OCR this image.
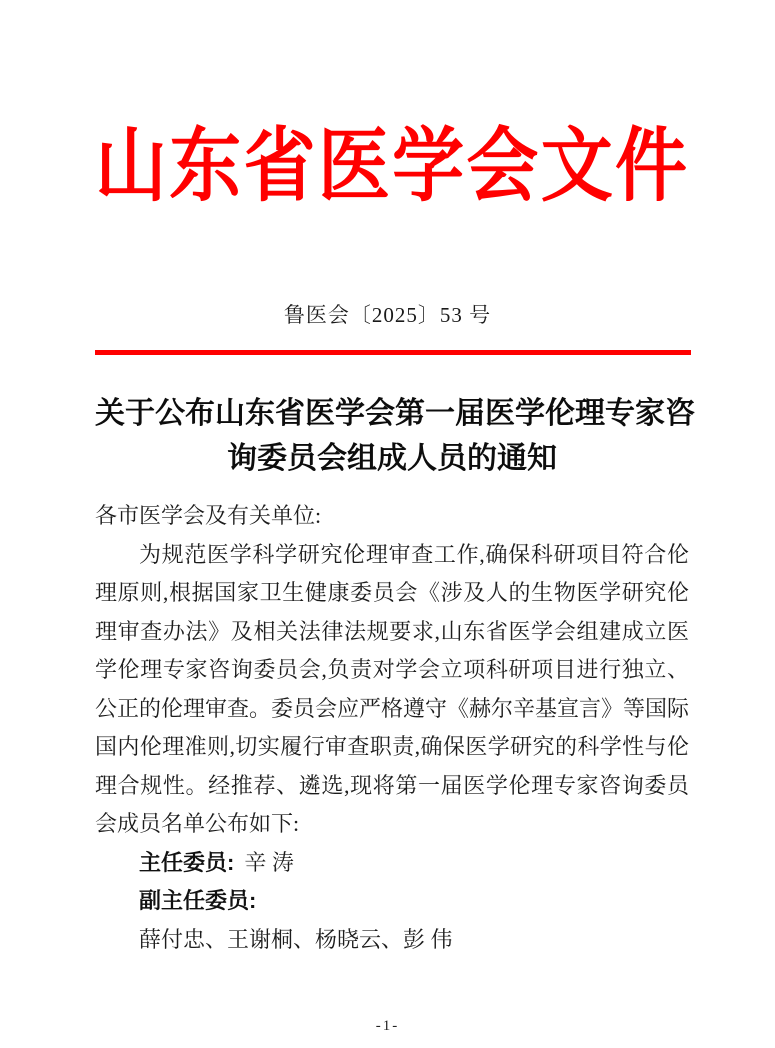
山 东 省 医 学 会 文 件
鲁医会〔2025〕53 号
关于公布山东省医学会第一届医学伦理专家咨
询委员会组成人员的通知
各市医学会及有关单位:
为规范医学科学研究伦理审查工作,确保科研项目符合伦理原则,根据国家卫生健康委员会《涉及人的生物医学研究伦理审查办法》及相关法律法规要求,山东省医学会组建成立医学伦理专家咨询委员会,负责对学会立项科研项目进行独立、公正的伦理审查。委员会应严格遵守《赫尔辛基宣言》等国际国内伦理准则,切实履行审查职责,确保医学研究的科学性与伦理合规性。经推荐、遴选,现将第一届医学伦理专家咨询委员会成员名单公布如下:
主任委员: 辛 涛
副主任委员:
薛付忠、王谢桐、杨晓云、彭 伟
-1-
